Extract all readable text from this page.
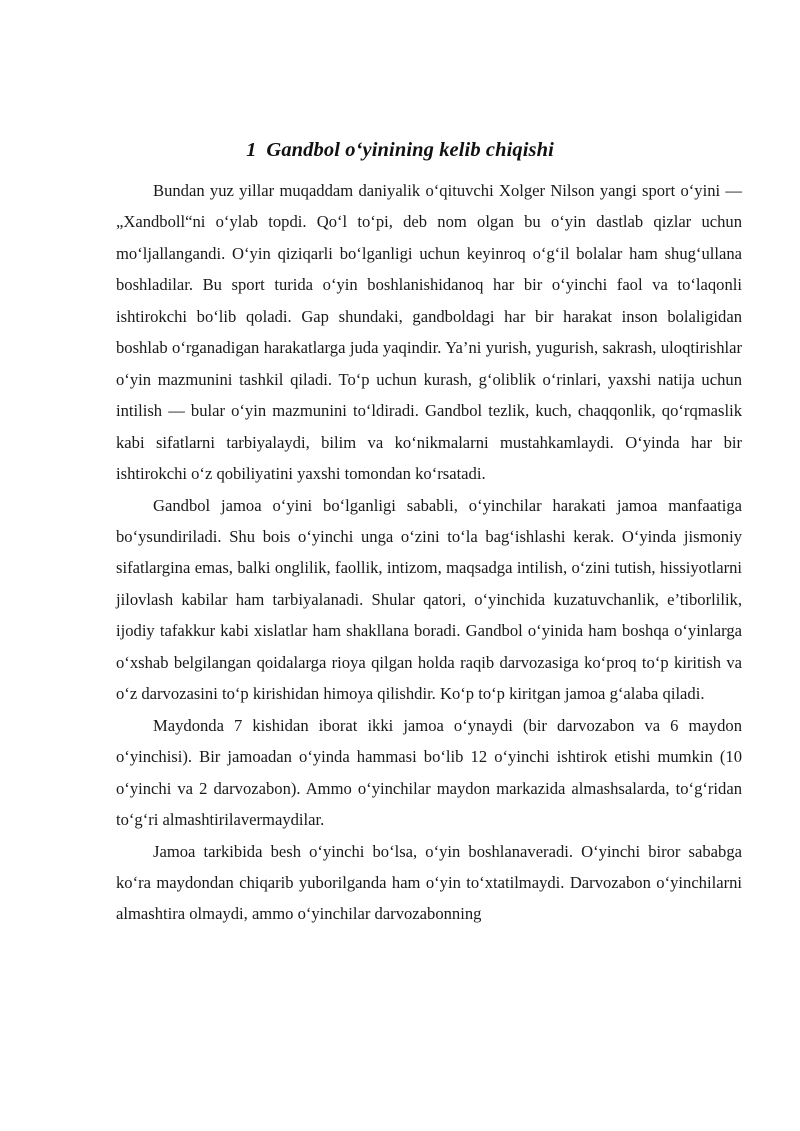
1 Gandbol o‘yinining kelib chiqishi

Bundan yuz yillar muqaddam daniyalik o‘qituvchi Xolger Nilson yangi sport o‘yini — „Xandboll“ni o‘ylab topdi. Qo‘l to‘pi, deb nom olgan bu o‘yin dastlab qizlar uchun mo‘ljallangandi. O‘yin qiziqarli bo‘lganligi uchun keyinroq o‘g‘il bolalar ham shug‘ullana boshladilar. Bu sport turida o‘yin boshlanishidanoq har bir o‘yinchi faol va to‘laqonli ishtirokchi bo‘lib qoladi. Gap shundaki, gandboldagi har bir harakat inson bolaligidan boshlab o‘rganadigan harakatlarga juda yaqindir. Ya’ni yurish, yugurish, sakrash, uloqtirishlar o‘yin mazmunini tashkil qiladi. To‘p uchun kurash, g‘oliblik o‘rinlari, yaxshi natija uchun intilish — bular o‘yin mazmunini to‘ldiradi. Gandbol tezlik, kuch, chaqqonlik, qo‘rqmaslik kabi sifatlarni tarbiyalaydi, bilim va ko‘nikmalarni mustahkamlaydi. O‘yinda har bir ishtirokchi o‘z qobiliyatini yaxshi tomondan ko‘rsatadi.

Gandbol jamoa o‘yini bo‘lganligi sababli, o‘yinchilar harakati jamoa manfaatiga bo‘ysundiriladi. Shu bois o‘yinchi unga o‘zini to‘la bag‘ishlashi kerak. O‘yinda jismoniy sifatlargina emas, balki onglilik, faollik, intizom, maqsadga intilish, o‘zini tutish, hissiyotlarni jilovlash kabilar ham tarbiyalanadi. Shular qatori, o‘yinchida kuzatuvchanlik, e’tiborlilik, ijodiy tafakkur kabi xislatlar ham shakllana boradi. Gandbol o‘yinida ham boshqa o‘yinlarga o‘xshab belgilangan qoidalarga rioya qilgan holda raqib darvozasiga ko‘proq to‘p kiritish va o‘z darvozasini to‘p kirishidan himoya qilishdir. Ko‘p to‘p kiritgan jamoa g‘alaba qiladi.

Maydonda 7 kishidan iborat ikki jamoa o‘ynaydi (bir darvozabon va 6 maydon o‘yinchisi). Bir jamoadan o‘yinda hammasi bo‘lib 12 o‘yinchi ishtirok etishi mumkin (10 o‘yinchi va 2 darvozabon). Ammo o‘yinchilar maydon markazida almashsalarda, to‘g‘ridan to‘g‘ri almashtirilavermaydilar.

Jamoa tarkibida besh o‘yinchi bo‘lsa, o‘yin boshlanaveradi. O‘yinchi biror sababga ko‘ra maydondan chiqarib yuborilganda ham o‘yin to‘xtatilmaydi. Darvozabon o‘yinchilarni almashtira olmaydi, ammo o‘yinchilar darvozabonning
